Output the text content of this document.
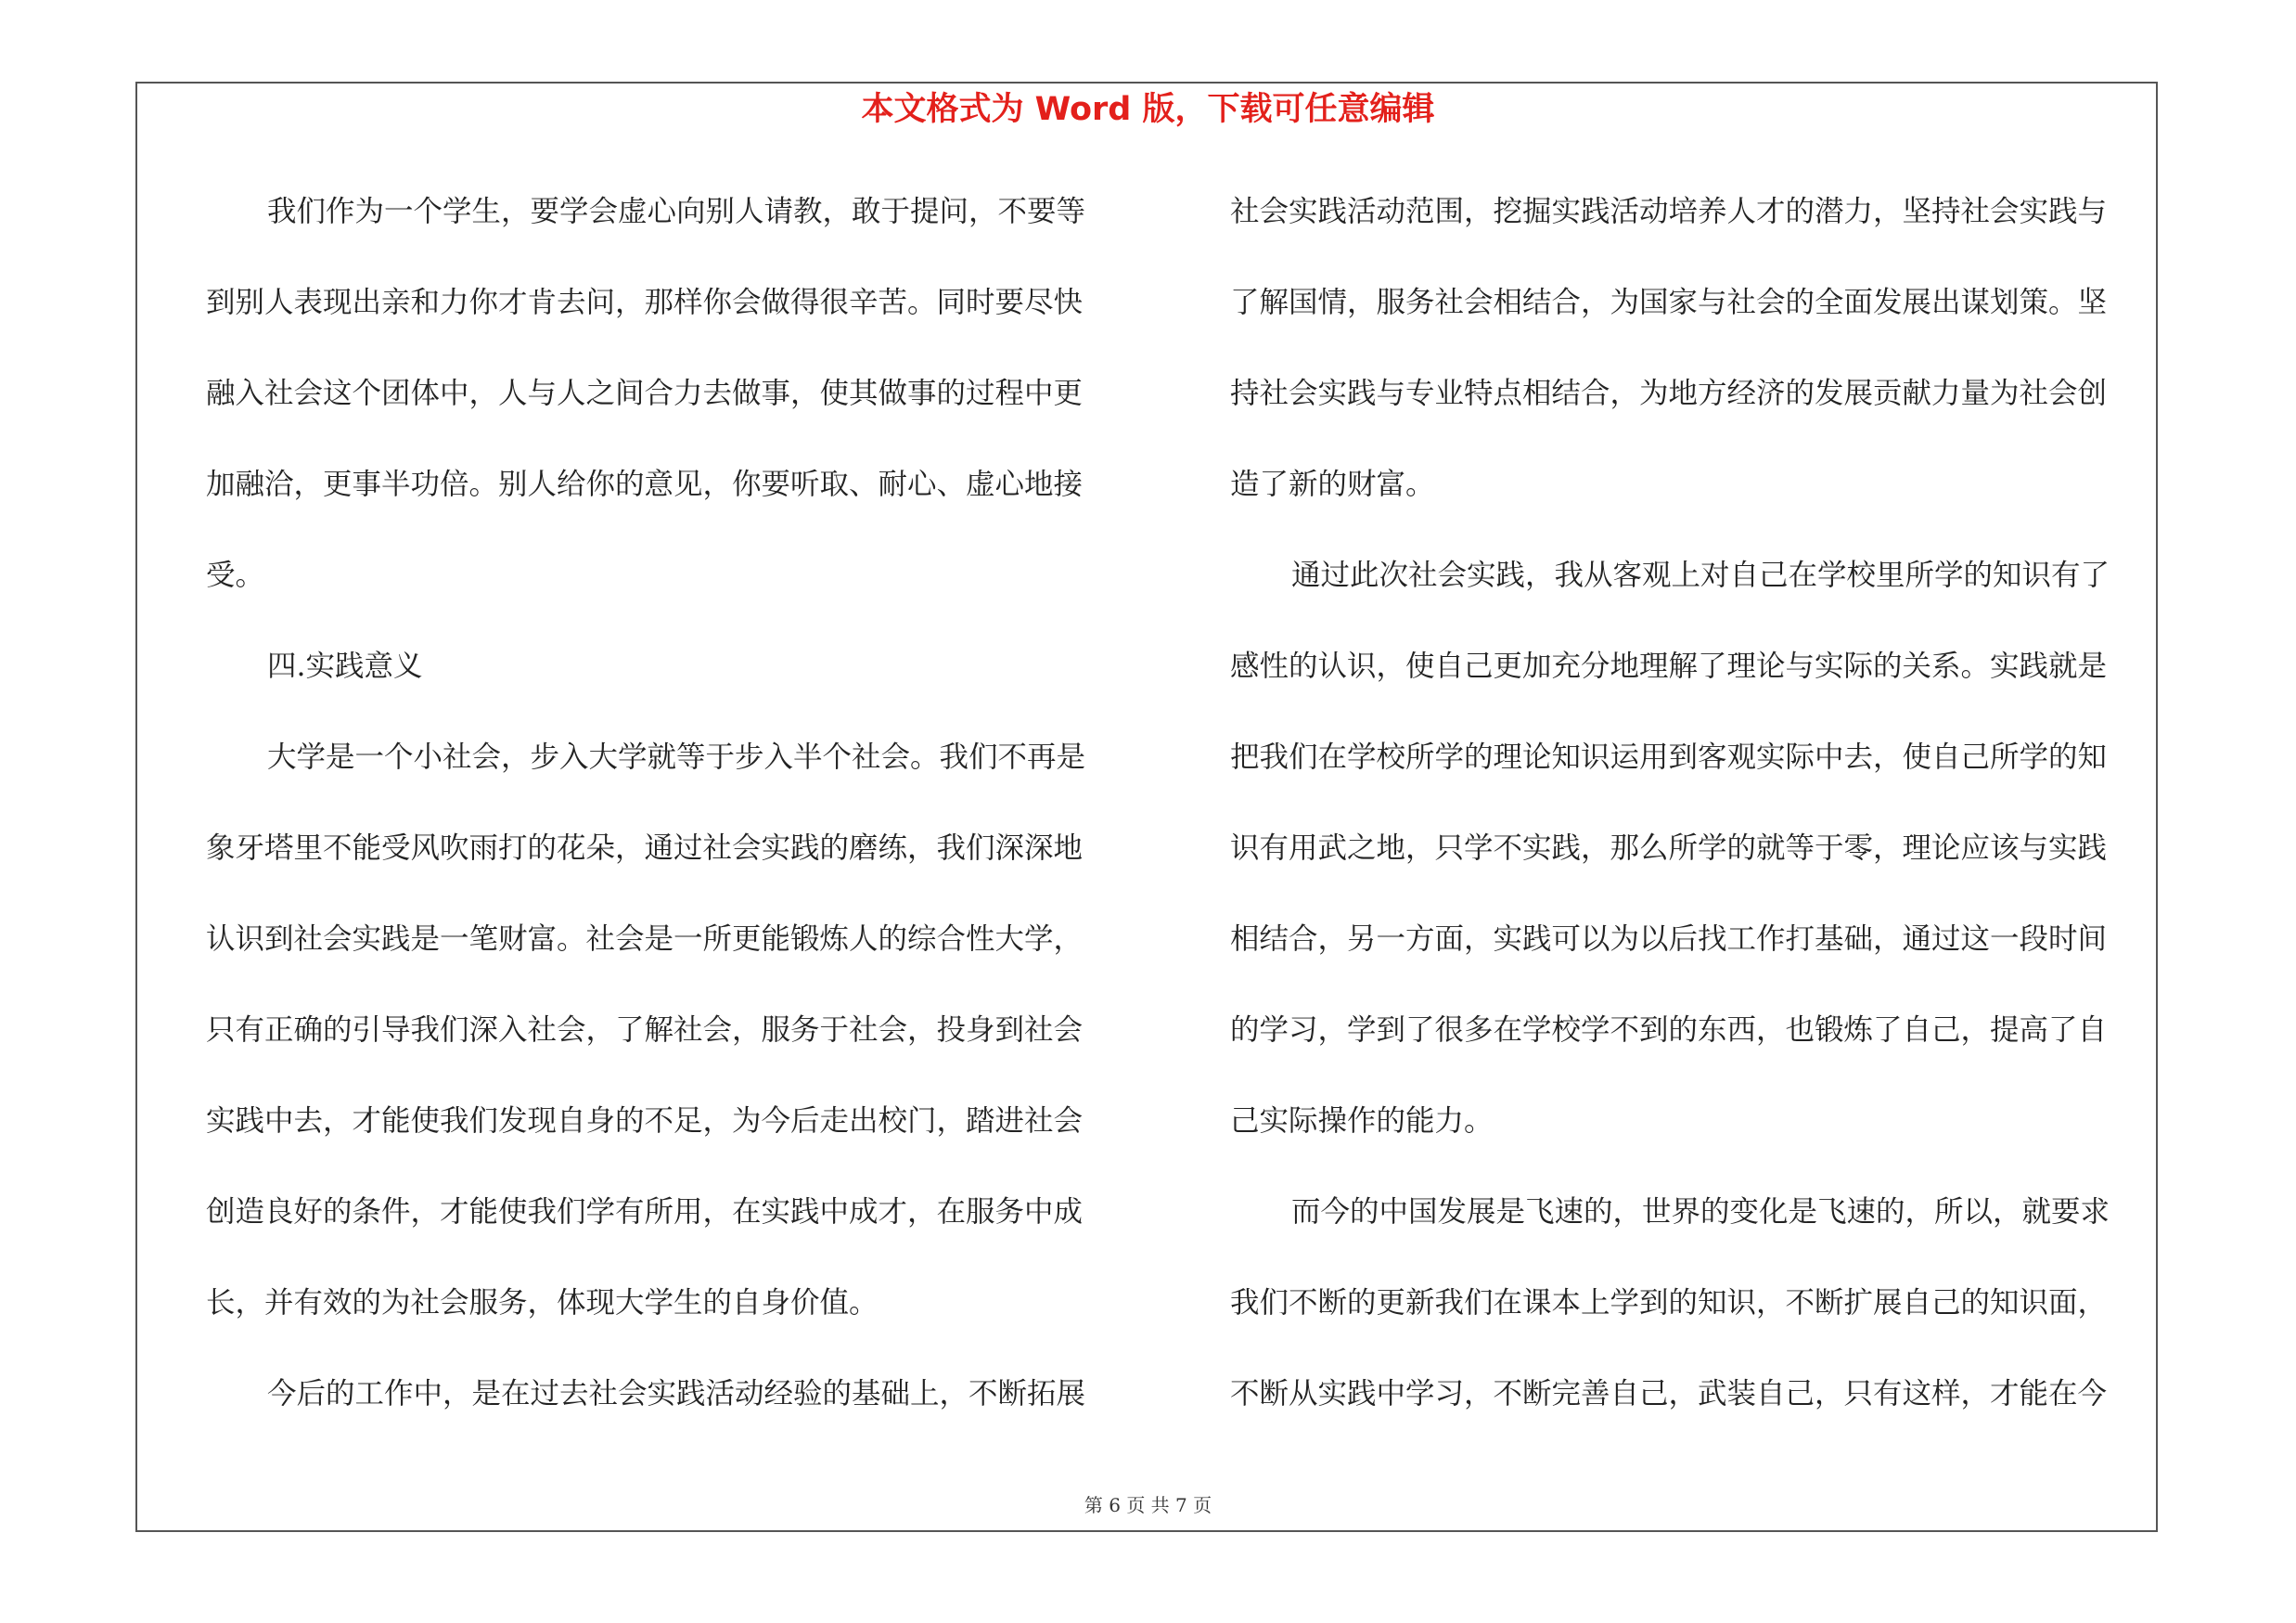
本文格式为 Word 版，下载可任意编辑
我们作为一个学生，要学会虚心向别人请教，敢于提问，不要等
到别人表现出亲和力你才肯去问，那样你会做得很辛苦。同时要尽快
融入社会这个团体中，人与人之间合力去做事，使其做事的过程中更
加融洽，更事半功倍。别人给你的意见，你要听取、耐心、虚心地接
受。
四.实践意义
大学是一个小社会，步入大学就等于步入半个社会。我们不再是
象牙塔里不能受风吹雨打的花朵，通过社会实践的磨练，我们深深地
认识到社会实践是一笔财富。社会是一所更能锻炼人的综合性大学，
只有正确的引导我们深入社会，了解社会，服务于社会，投身到社会
实践中去，才能使我们发现自身的不足，为今后走出校门，踏进社会
创造良好的条件，才能使我们学有所用，在实践中成才，在服务中成
长，并有效的为社会服务，体现大学生的自身价值。
今后的工作中，是在过去社会实践活动经验的基础上，不断拓展
社会实践活动范围，挖掘实践活动培养人才的潜力，坚持社会实践与
了解国情，服务社会相结合，为国家与社会的全面发展出谋划策。坚
持社会实践与专业特点相结合，为地方经济的发展贡献力量为社会创
造了新的财富。
通过此次社会实践，我从客观上对自己在学校里所学的知识有了
感性的认识，使自己更加充分地理解了理论与实际的关系。实践就是
把我们在学校所学的理论知识运用到客观实际中去，使自己所学的知
识有用武之地，只学不实践，那么所学的就等于零，理论应该与实践
相结合，另一方面，实践可以为以后找工作打基础，通过这一段时间
的学习，学到了很多在学校学不到的东西，也锻炼了自己，提高了自
己实际操作的能力。
而今的中国发展是飞速的，世界的变化是飞速的，所以，就要求
我们不断的更新我们在课本上学到的知识，不断扩展自己的知识面，
不断从实践中学习，不断完善自己，武装自己，只有这样，才能在今
第 6 页 共 7 页
